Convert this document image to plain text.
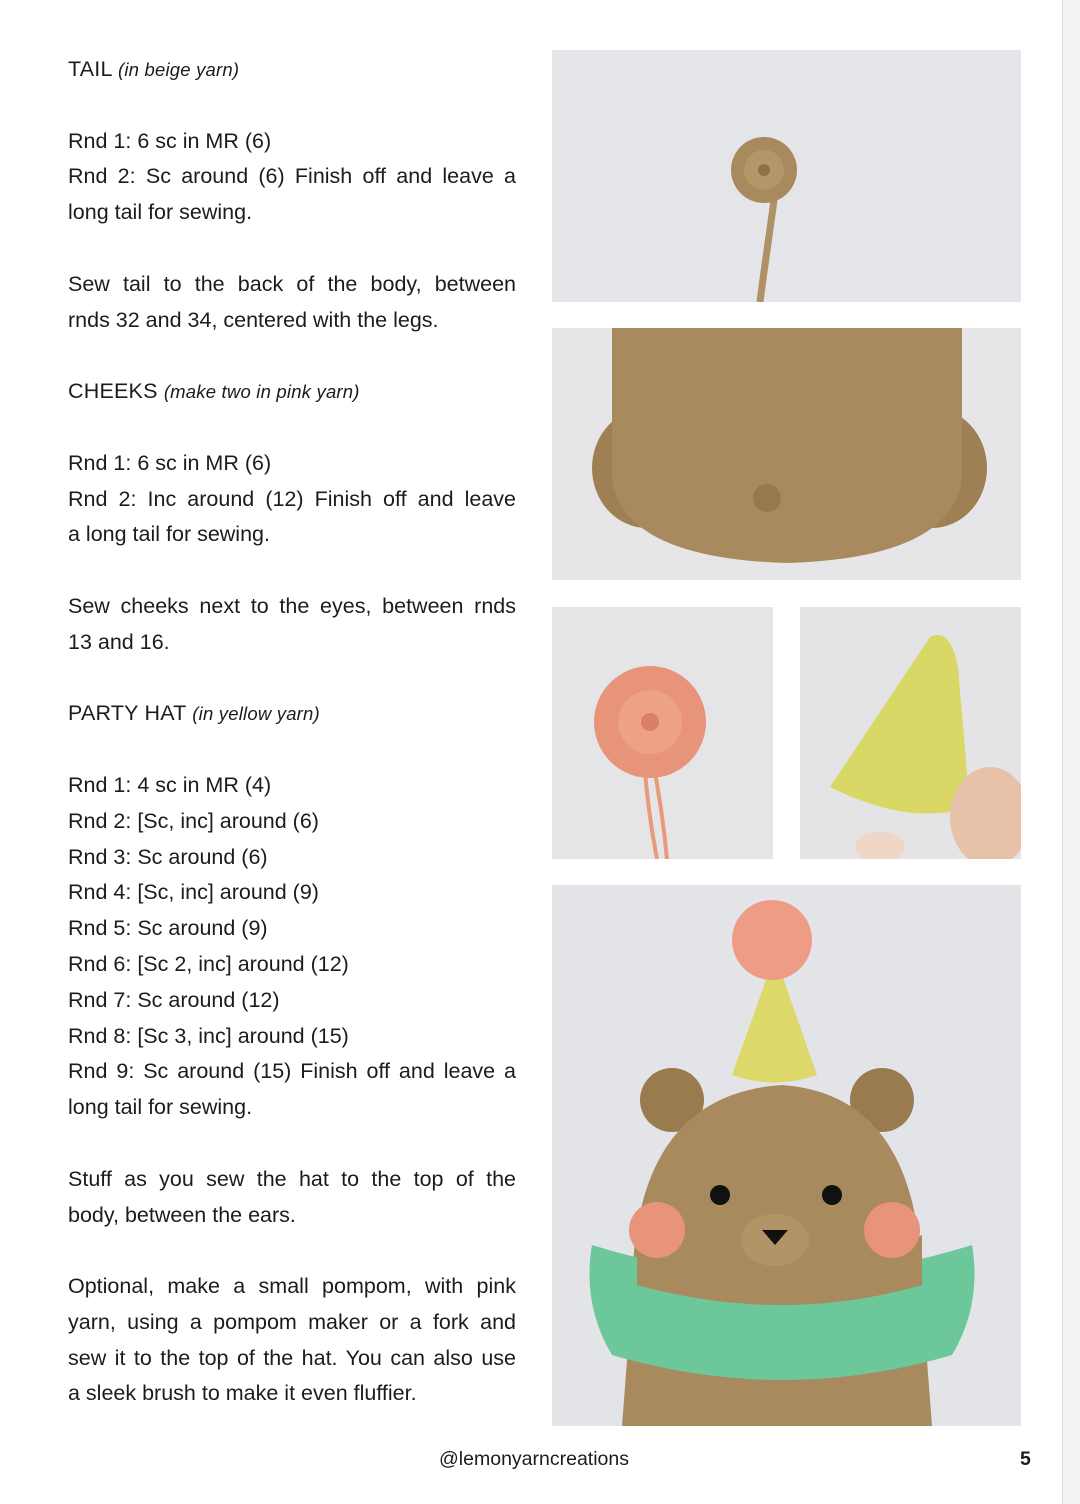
TAIL (in beige yarn)
Rnd 1: 6 sc in MR (6)
Rnd 2: Sc around (6) Finish off and leave a
long tail for sewing.
Sew tail to the back of the body, between
rnds 32 and 34, centered with the legs.
CHEEKS (make two in pink yarn)
Rnd 1: 6 sc in MR (6)
Rnd 2: Inc around (12) Finish off and leave
a long tail for sewing.
Sew cheeks next to the eyes, between rnds
13 and 16.
PARTY HAT (in yellow yarn)
Rnd 1: 4 sc in MR (4)
Rnd 2: [Sc, inc] around (6)
Rnd 3: Sc around (6)
Rnd 4: [Sc, inc] around (9)
Rnd 5: Sc around (9)
Rnd 6: [Sc 2, inc] around (12)
Rnd 7: Sc around (12)
Rnd 8: [Sc 3, inc] around (15)
Rnd 9: Sc around (15) Finish off and leave a
long tail for sewing.
Stuff as you sew the hat to the top of the
body, between the ears.
Optional, make a small pompom, with pink
yarn, using a pompom maker or a fork and
sew it to the top of the hat. You can also use
a sleek brush to make it even fluffier.
@lemonyarncreations	5
